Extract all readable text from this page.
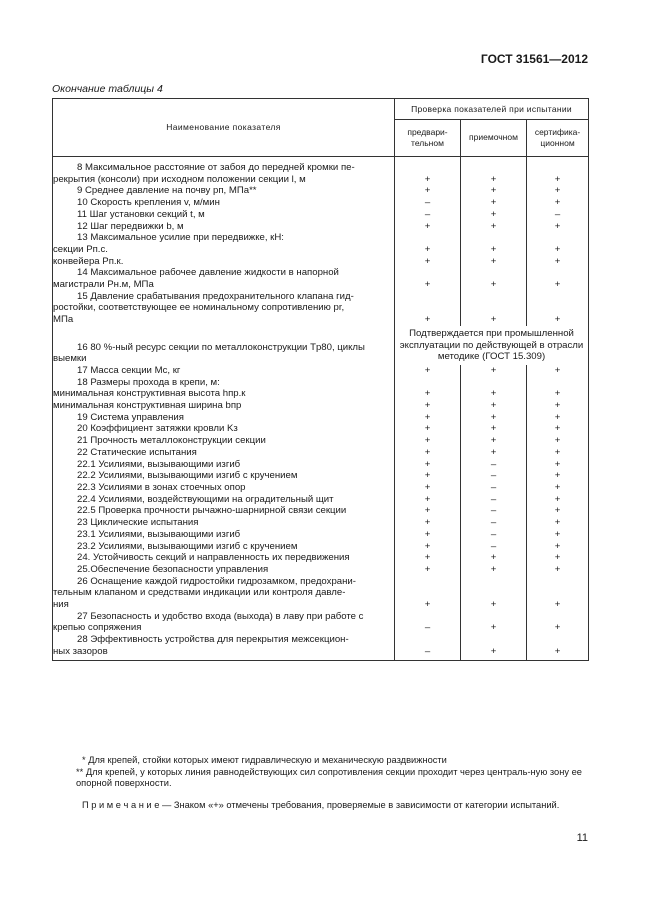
ГОСТ 31561—2012
Окончание таблицы 4
Наименование показателя	Проверка показателей при испытании		
	предвари-тельном	приемочном	сертифика-ционном

8 Максимальное расстояние от забоя до передней кромки пе-
рекрытия (консоли) при исходном положении секции l, м	+	+	+

9 Среднее давление на почву pп, МПа**	+	+	+

10 Скорость крепления v, м/мин	–	+	+

11 Шаг установки секций t, м	–	+	–

12 Шаг передвижки b, м	+	+	+

13 Максимальное усилие при передвижке, кН:			

секции Pп.с.	+	+	+

конвейера Pп.к.	+	+	+

14 Максимальное рабочее давление жидкости в напорной
магистрали Pн.м, МПа	+	+	+

15 Давление срабатывания предохранительного клапана гид-
ростойки, соответствующее ее номинальному сопротивлению pr,
МПа	+	+	+

16 80 %-ный ресурс секции по металлоконструкции Tр80, циклы
выемки	Подтверждается при промышленной эксплуатации по действующей в отрасли методике (ГОСТ 15.309)		

17 Масса секции Mс, кг	+	+	+

18 Размеры прохода в крепи, м:			

минимальная конструктивная высота hпр.к	+	+	+

минимальная конструктивная ширина bпр	+	+	+

19 Система управления	+	+	+

20 Коэффициент затяжки кровли Kз	+	+	+

21 Прочность металлоконструкции секции	+	+	+

22 Статические испытания	+	+	+

22.1 Усилиями, вызывающими изгиб	+	–	+

22.2 Усилиями, вызывающими изгиб с кручением	+	–	+

22.3 Усилиями в зонах стоечных опор	+	–	+

22.4 Усилиями, воздействующими на оградительный щит	+	–	+

22.5 Проверка прочности рычажно-шарнирной связи секции	+	–	+

23 Циклические испытания	+	–	+

23.1 Усилиями, вызывающими изгиб	+	–	+

23.2 Усилиями, вызывающими изгиб с кручением	+	–	+

24. Устойчивость секций и направленность их передвижения	+	+	+

25.Обеспечение безопасности управления	+	+	+

26 Оснащение каждой гидростойки гидрозамком, предохрани-
тельным клапаном и средствами индикации или контроля давле-
ния	+	+	+

27 Безопасность и удобство входа (выхода) в лаву при работе с
крепью сопряжения	–	+	+

28 Эффективность устройства для перекрытия межсекцион-
ных зазоров	–	+	+

* Для крепей, стойки которых имеют гидравлическую и механическую раздвижности

** Для крепей, у которых линия равнодействующих сил сопротивления секции проходит через централь-ную зону ее опорной поверхности.

П р и м е ч а н и е — Знаком «+» отмечены требования, проверяемые в зависимости от категории испытаний.

11
